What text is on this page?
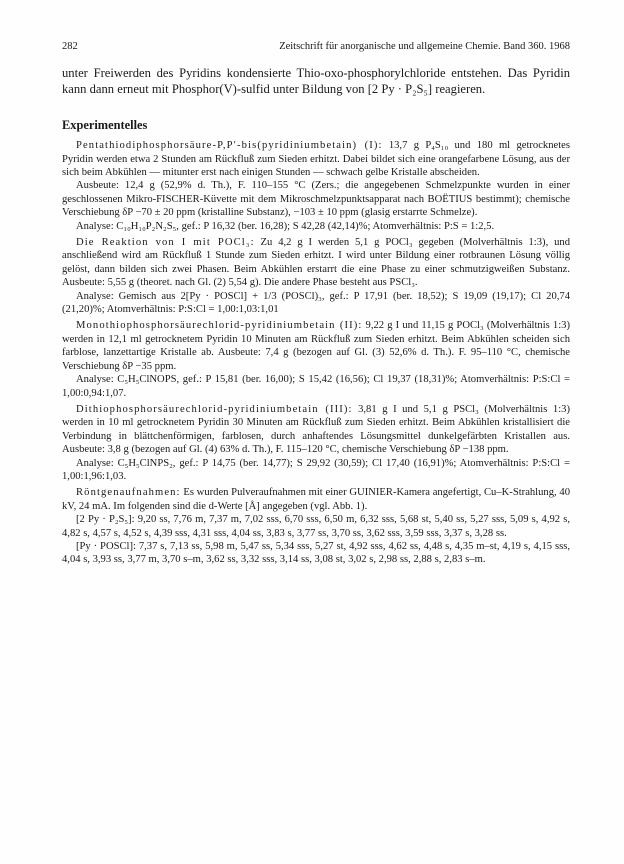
282	Zeitschrift für anorganische und allgemeine Chemie. Band 360. 1968

unter Freiwerden des Pyridins kondensierte Thio-oxo-phosphorylchloride entstehen. Das Pyridin kann dann erneut mit Phosphor(V)-sulfid unter Bildung von [2 Py · P₂S₅] reagieren.

Experimentelles

Pentathiodiphosphorsäure-P,P′-bis(pyridiniumbetain) (I): 13,7 g P₄S₁₀ und 180 ml getrocknetes Pyridin werden etwa 2 Stunden am Rückfluß zum Sieden erhitzt. Dabei bildet sich eine orangefarbene Lösung, aus der sich beim Abkühlen — mitunter erst nach einigen Stunden — schwach gelbe Kristalle abscheiden.

Ausbeute: 12,4 g (52,9% d. Th.), F. 110–155 °C (Zers.; die angegebenen Schmelzpunkte wurden in einer geschlossenen Mikro-FISCHER-Küvette mit dem Mikroschmelzpunktsapparat nach BOËTIUS bestimmt); chemische Verschiebung δP −70 ± 20 ppm (kristalline Substanz), −103 ± 10 ppm (glasig erstarrte Schmelze).

Analyse: C₁₀H₁₀P₂N₂S₅, gef.: P 16,32 (ber. 16,28); S 42,28 (42,14)%; Atomverhältnis: P:S = 1:2,5.

Die Reaktion von I mit POCl₃: Zu 4,2 g I werden 5,1 g POCl₃ gegeben (Molverhältnis 1:3), und anschließend wird am Rückfluß 1 Stunde zum Sieden erhitzt. I wird unter Bildung einer rotbraunen Lösung völlig gelöst, dann bilden sich zwei Phasen. Beim Abkühlen erstarrt die eine Phase zu einer schmutzigweißen Substanz. Ausbeute: 5,55 g (theoret. nach Gl. (2) 5,54 g). Die andere Phase besteht aus PSCl₃.

Analyse: Gemisch aus 2[Py · POSCl] + 1/3 (POSCl)₃, gef.: P 17,91 (ber. 18,52); S 19,09 (19,17); Cl 20,74 (21,20)%; Atomverhältnis: P:S:Cl = 1,00:1,03:1,01

Monothiophosphorsäurechlorid-pyridiniumbetain (II): 9,22 g I und 11,15 g POCl₃ (Molverhältnis 1:3) werden in 12,1 ml getrocknetem Pyridin 10 Minuten am Rückfluß zum Sieden erhitzt. Beim Abkühlen scheiden sich farblose, lanzettartige Kristalle ab. Ausbeute: 7,4 g (bezogen auf Gl. (3) 52,6% d. Th.). F. 95–110 °C, chemische Verschiebung δP −35 ppm.

Analyse: C₅H₅ClNOPS, gef.: P 15,81 (ber. 16,00); S 15,42 (16,56); Cl 19,37 (18,31)%; Atomverhältnis: P:S:Cl = 1,00:0,94:1,07.

Dithiophosphorsäurechlorid-pyridiniumbetain (III): 3,81 g I und 5,1 g PSCl₃ (Molverhältnis 1:3) werden in 10 ml getrocknetem Pyridin 30 Minuten am Rückfluß zum Sieden erhitzt. Beim Abkühlen kristallisiert die Verbindung in blättchenförmigen, farblosen, durch anhaftendes Lösungsmittel dunkelgefärbten Kristallen aus. Ausbeute: 3,8 g (bezogen auf Gl. (4) 63% d. Th.), F. 115–120 °C, chemische Verschiebung δP −138 ppm.

Analyse: C₅H₅ClNPS₂, gef.: P 14,75 (ber. 14,77); S 29,92 (30,59); Cl 17,40 (16,91)%; Atomverhältnis: P:S:Cl = 1,00:1,96:1,03.

Röntgenaufnahmen: Es wurden Pulveraufnahmen mit einer GUINIER-Kamera angefertigt, Cu–K-Strahlung, 40 kV, 24 mA. Im folgenden sind die d-Werte [Å] angegeben (vgl. Abb. 1).

[2 Py · P₂S₅]: 9,20 ss, 7,76 m, 7,37 m, 7,02 sss, 6,70 sss, 6,50 m, 6,32 sss, 5,68 st, 5,40 ss, 5,27 sss, 5,09 s, 4,92 s, 4,82 s, 4,57 s, 4,52 s, 4,39 sss, 4,31 sss, 4,04 ss, 3,83 s, 3,77 ss, 3,70 ss, 3,62 sss, 3,59 sss, 3,37 s, 3,28 ss.

[Py · POSCl]: 7,37 s, 7,13 ss, 5,98 m, 5,47 ss, 5,34 sss, 5,27 st, 4,92 sss, 4,62 ss, 4,48 s, 4,35 m–st, 4,19 s, 4,15 sss, 4,04 s, 3,93 ss, 3,77 m, 3,70 s–m, 3,62 ss, 3,32 sss, 3,14 ss, 3,08 st, 3,02 s, 2,98 ss, 2,88 s, 2,83 s–m.
